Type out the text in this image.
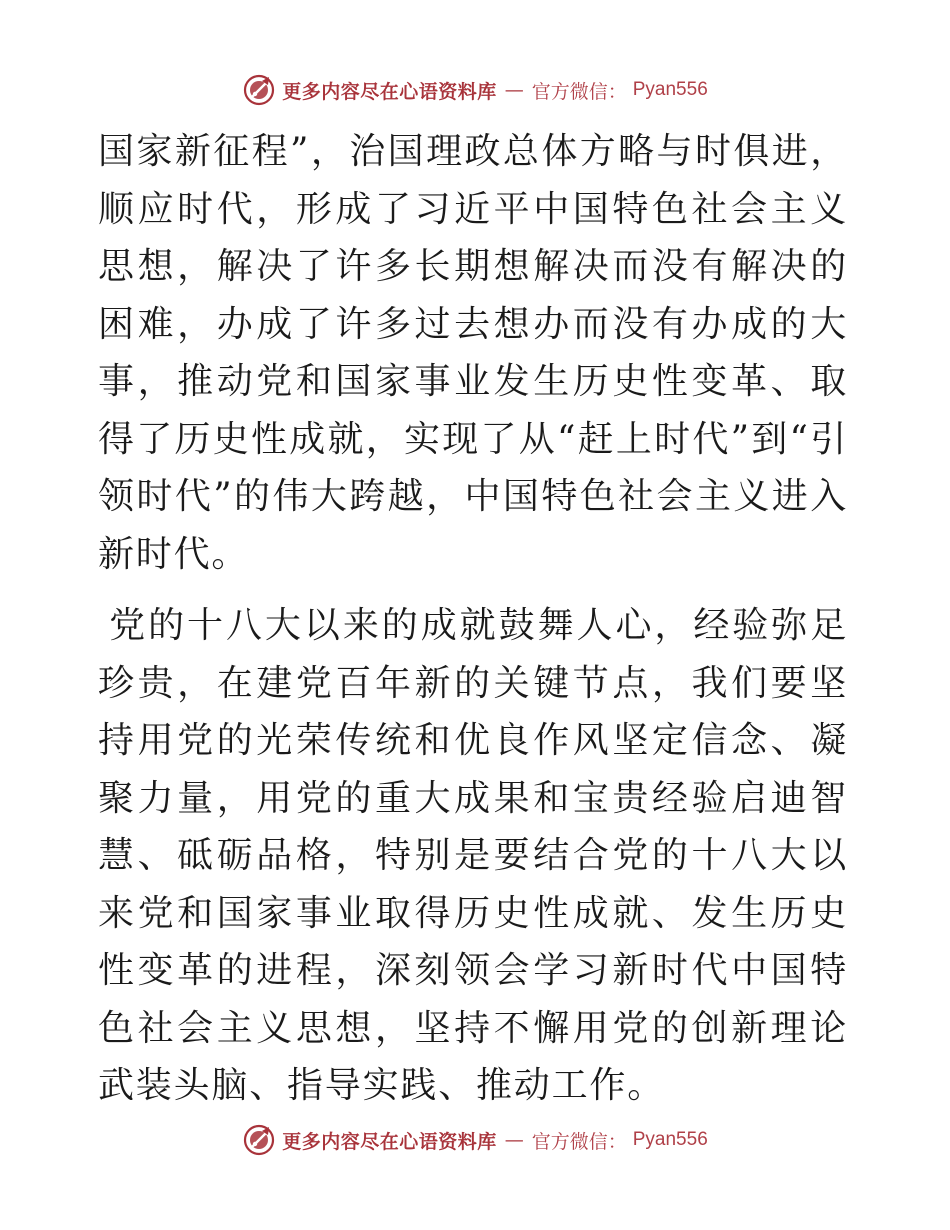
更多内容尽在心语资料库 — 官方微信： Pyan556

国家新征程”，治国理政总体方略与时俱进，顺应时代，形成了习近平中国特色社会主义思想，解决了许多长期想解决而没有解决的困难，办成了许多过去想办而没有办成的大事，推动党和国家事业发生历史性变革、取得了历史性成就，实现了从“赶上时代”到“引领时代”的伟大跨越，中国特色社会主义进入新时代。

党的十八大以来的成就鼓舞人心，经验弥足珍贵，在建党百年新的关键节点，我们要坚持用党的光荣传统和优良作风坚定信念、凝聚力量，用党的重大成果和宝贵经验启迪智慧、砥砺品格，特别是要结合党的十八大以来党和国家事业取得历史性成就、发生历史性变革的进程，深刻领会学习新时代中国特色社会主义思想，坚持不懈用党的创新理论武装头脑、指导实践、推动工作。

更多内容尽在心语资料库 — 官方微信： Pyan556
